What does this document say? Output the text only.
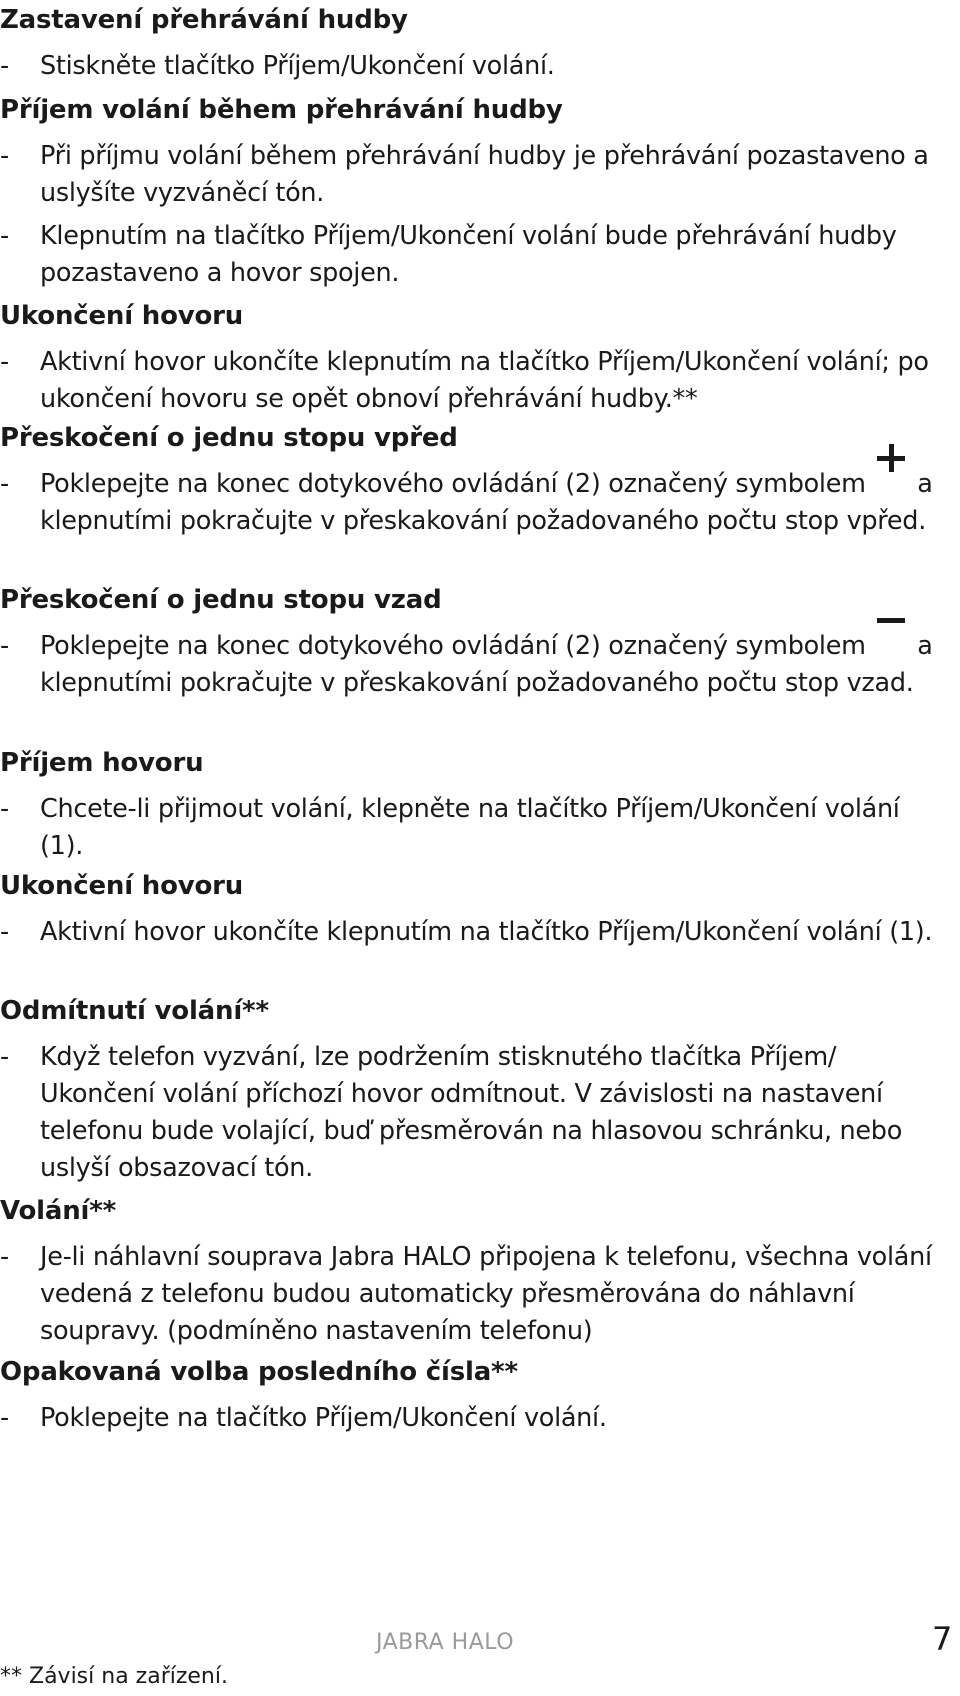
Zastavení přehrávání hudby
- Stiskněte tlačítko Příjem/Ukončení volání.
Příjem volání během přehrávání hudby
- Při příjmu volání během přehrávání hudby je přehrávání pozastaveno a uslyšíte vyzváněcí tón.
- Klepnutím na tlačítko Příjem/Ukončení volání bude přehrávání hudby pozastaveno a hovor spojen.
Ukončení hovoru
- Aktivní hovor ukončíte klepnutím na tlačítko Příjem/Ukončení volání; po ukončení hovoru se opět obnoví přehrávání hudby.**
Přeskočení o jednu stopu vpřed
- Poklepejte na konec dotykového ovládání (2) označený symbolem a klepnutími pokračujte v přeskakování požadovaného počtu stop vpřed.
Přeskočení o jednu stopu vzad
- Poklepejte na konec dotykového ovládání (2) označený symbolem a klepnutími pokračujte v přeskakování požadovaného počtu stop vzad.
Příjem hovoru
- Chcete-li přijmout volání, klepněte na tlačítko Příjem/Ukončení volání (1).
Ukončení hovoru
- Aktivní hovor ukončíte klepnutím na tlačítko Příjem/Ukončení volání (1).
Odmítnutí volání**
- Když telefon vyzvání, lze podržením stisknutého tlačítka Příjem/ Ukončení volání příchozí hovor odmítnout. V závislosti na nastavení telefonu bude volající, buď přesměrován na hlasovou schránku, nebo uslyší obsazovací tón.
Volání**
- Je-li náhlavní souprava Jabra HALO připojena k telefonu, všechna volání vedená z telefonu budou automaticky přesměrována do náhlavní soupravy. (podmíněno nastavením telefonu)
Opakovaná volba posledního čísla**
- Poklepejte na tlačítko Příjem/Ukončení volání.
JABRA HALO	7
** Závisí na zařízení.
